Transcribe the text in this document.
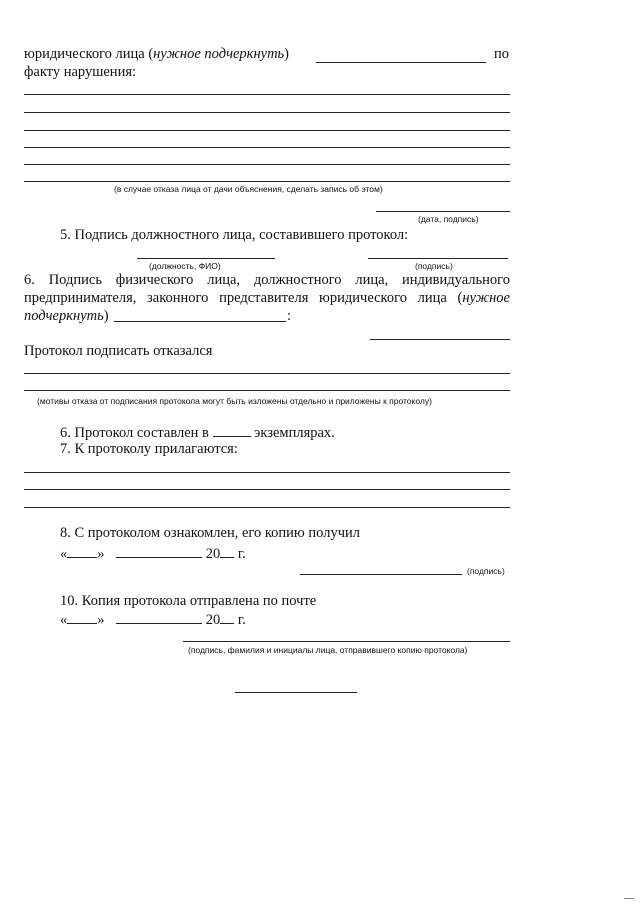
юридического лица (нужное подчеркнуть)	по
факту нарушения:
(в случае отказа лица от дачи объяснения, сделать запись об этом)
(дата, подпись)
5. Подпись должностного лица, составившего протокол:
(должность, ФИО)	(подпись)
6. Подпись физического лица, должностного лица, индивидуального
предпринимателя, законного представителя юридического лица (нужное
подчеркнуть)	:
Протокол подписать отказался
(мотивы отказа от подписания протокола могут быть изложены отдельно и приложены к протоколу)
6. Протокол составлен в	экземплярах.
7. К протоколу прилагаются:
8. С протоколом ознакомлен, его копию получил
« »	20 г.
(подпись)
10. Копия протокола отправлена по почте
« »	20 г.
(подпись, фамилия и инициалы лица, отправившего копию протокола)
